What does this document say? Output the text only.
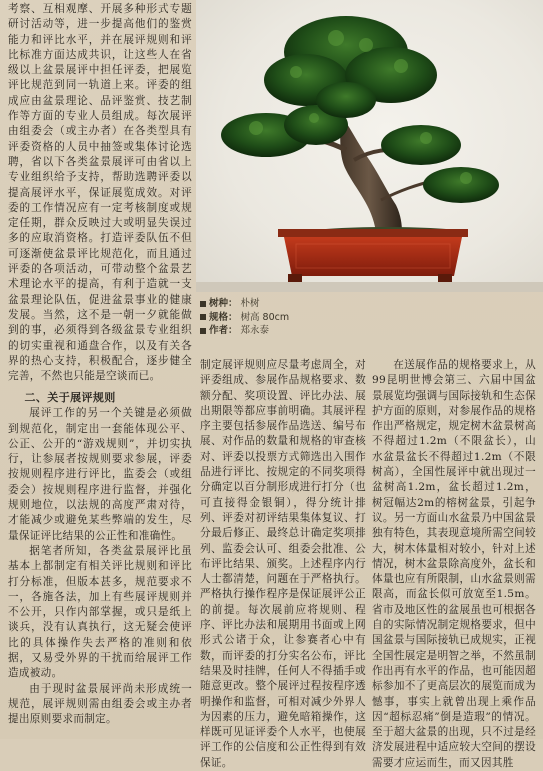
考察、互相观摩、开展多种形式专题研讨活动等，进一步提高他们的鉴赏能力和评比水平，并在展评规则和评比标准方面达成共识，让这些人在省级以上盆景展评中担任评委，把展览评比规范到同一轨道上来。评委的组成应由盆景理论、品评鉴赏、技艺制作等方面的专业人员组成。每次展评由组委会（或主办者）在各类型具有评委资格的人员中抽签或集体讨论选聘，省以下各类盆景展评可由省以上专业组织给予支持，帮助选聘评委以提高展评水平，保证展览成效。对评委的工作情况应有一定考核制度或规定任期，群众反映过大或明显失误过多的应取消资格。打造评委队伍不但可逐渐使盆景评比规范化，而且通过评委的各项活动，可带动整个盆景艺术理论水平的提高，有利于造就一支盆景理论队伍，促进盆景事业的健康发展。当然，这不是一朝一夕就能做到的事，必须得到各级盆景专业组织的切实重视和通盘合作，以及有关各界的热心支持，积极配合，逐步健全完善，不然也只能是空谈而已。

二、关于展评规则

展评工作的另一个关键是必须做到规范化，制定出一套能体现公平、公正、公开的“游戏规则”，并切实执行，让参展者按规则要求参展，评委按规则程序进行评比，监委会（或组委会）按规则程序进行监督，并强化规则地位，以法规的高度严肃对待，才能减少或避免某些弊端的发生，尽量保证评比结果的公正性和准确性。

据笔者所知，各类盆景展评比虽基本上都制定有相关评比规则和评比打分标准，但版本甚多，规范要求不一，各施各法，加上有些展评规则并不公开，只作内部掌握，或只是纸上谈兵，没有认真执行，这无疑会使评比的具体操作失去严格的准则和依据，又易受外界的干扰而给展评工作造成被动。

由于现时盆景展评尚未形成统一规范，展评规则需由组委会或主办者提出原则要求而制定。

树种： 朴树
规格： 树高 80cm
作者： 郑永泰

制定展评规则应尽量考虑周全，对评委组成、参展作品规格要求、数额分配、奖项设置、评比办法、展出期限等都应事前明确。其展评程序主要包括参展作品选送、编号布展、对作品的数量和规格的审查核对、评委以投票方式筛选出入围作品进行评比、按规定的不同奖项得分确定以百分制形成进行打分（也可直接得金银铜），得分统计排列、评委对初评结果集体复议、打分最后修正、最终总计确定奖项排列、监委会认可、组委会批准、公布评比结果、颁奖。上述程序内行人士都清楚，问题在于严格执行。严格执行操作程序是保证展评公正的前提。每次展前应将规则、程序、评比办法和展期用书面或上网形式公诸于众，让参赛者心中有数，而评委的打分实名公布，评比结果及时挂牌，任何人不得插手或随意更改。整个展评过程按程序透明操作和监督，可相对减少外界人为因素的压力，避免暗箱操作，这样既可见证评委个人水平，也使展评工作的公信度和公正性得到有效保证。

在送展作品的规格要求上，从99昆明世博会第三、六届中国盆景展览均强调与国际接轨和生态保护方面的原则，对参展作品的规格作出严格规定，规定树木盆景树高不得超过1.2m（不限盆长），山水盆景盆长不得超过1.2m（不限树高），全国性展评中就出现过一盆树高1.2m，盆长超过1.2m，树冠幅达2m的榕树盆景，引起争议。另一方面山水盆景乃中国盆景独有特色，其表现意境所需空间较大，树木体量相对较小，针对上述情况，树木盆景除高度外，盆长和体量也应有所限制，山水盆景则需限高，而盆长似可放宽至1.5m。省市及地区性的盆展虽也可根据各自的实际情况制定规格要求，但中国盆景与国际接轨已成规实，正视全国性展定是明智之举，不然虽制作出再有水平的作品，也可能因超标参加不了更高层次的展览而成为憾事，事实上就曾出现上乘作品因“超标忍痛”倒是造瑕”的情况。至于超大盆景的出现，只不过是经济发展进程中适应较大空间的摆设需要才应运而生，而又因其胜
